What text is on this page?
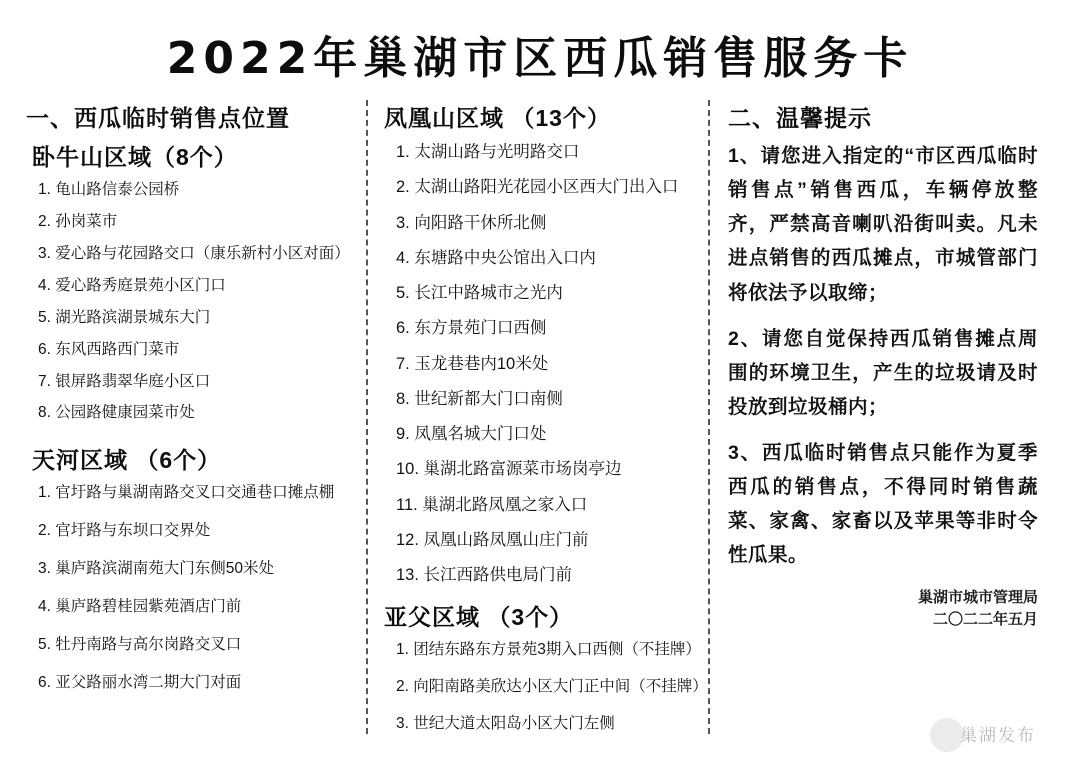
2022年巢湖市区西瓜销售服务卡
一、西瓜临时销售点位置
卧牛山区域（8个）
1. 龟山路信泰公园桥
2. 孙岗菜市
3. 爱心路与花园路交口（康乐新村小区对面）
4. 爱心路秀庭景苑小区门口
5. 湖光路滨湖景城东大门
6. 东风西路西门菜市
7. 银屏路翡翠华庭小区口
8. 公园路健康园菜市处
天河区域 （6个）
1. 官圩路与巢湖南路交叉口交通巷口摊点棚
2. 官圩路与东坝口交界处
3. 巢庐路滨湖南苑大门东侧50米处
4. 巢庐路碧桂园紫苑酒店门前
5. 牡丹南路与高尔岗路交叉口
6. 亚父路丽水湾二期大门对面
凤凰山区域 （13个）
1. 太湖山路与光明路交口
2. 太湖山路阳光花园小区西大门出入口
3. 向阳路干休所北侧
4. 东塘路中央公馆出入口内
5. 长江中路城市之光内
6. 东方景苑门口西侧
7. 玉龙巷巷内10米处
8. 世纪新都大门口南侧
9. 凤凰名城大门口处
10. 巢湖北路富源菜市场岗亭边
11. 巢湖北路凤凰之家入口
12. 凤凰山路凤凰山庄门前
13. 长江西路供电局门前
亚父区域 （3个）
1. 团结东路东方景苑3期入口西侧（不挂牌）
2. 向阳南路美欣达小区大门正中间（不挂牌）
3. 世纪大道太阳岛小区大门左侧
二、温馨提示

1、请您进入指定的“市区西瓜临时销售点”销售西瓜，车辆停放整齐，严禁高音喇叭沿街叫卖。凡未进点销售的西瓜摊点，市城管部门将依法予以取缔；

2、请您自觉保持西瓜销售摊点周围的环境卫生，产生的垃圾请及时投放到垃圾桶内；

3、西瓜临时销售点只能作为夏季西瓜的销售点，不得同时销售蔬菜、家禽、家畜以及苹果等非时令性瓜果。

巢湖市城市管理局
二〇二二年五月
巢湖发布
